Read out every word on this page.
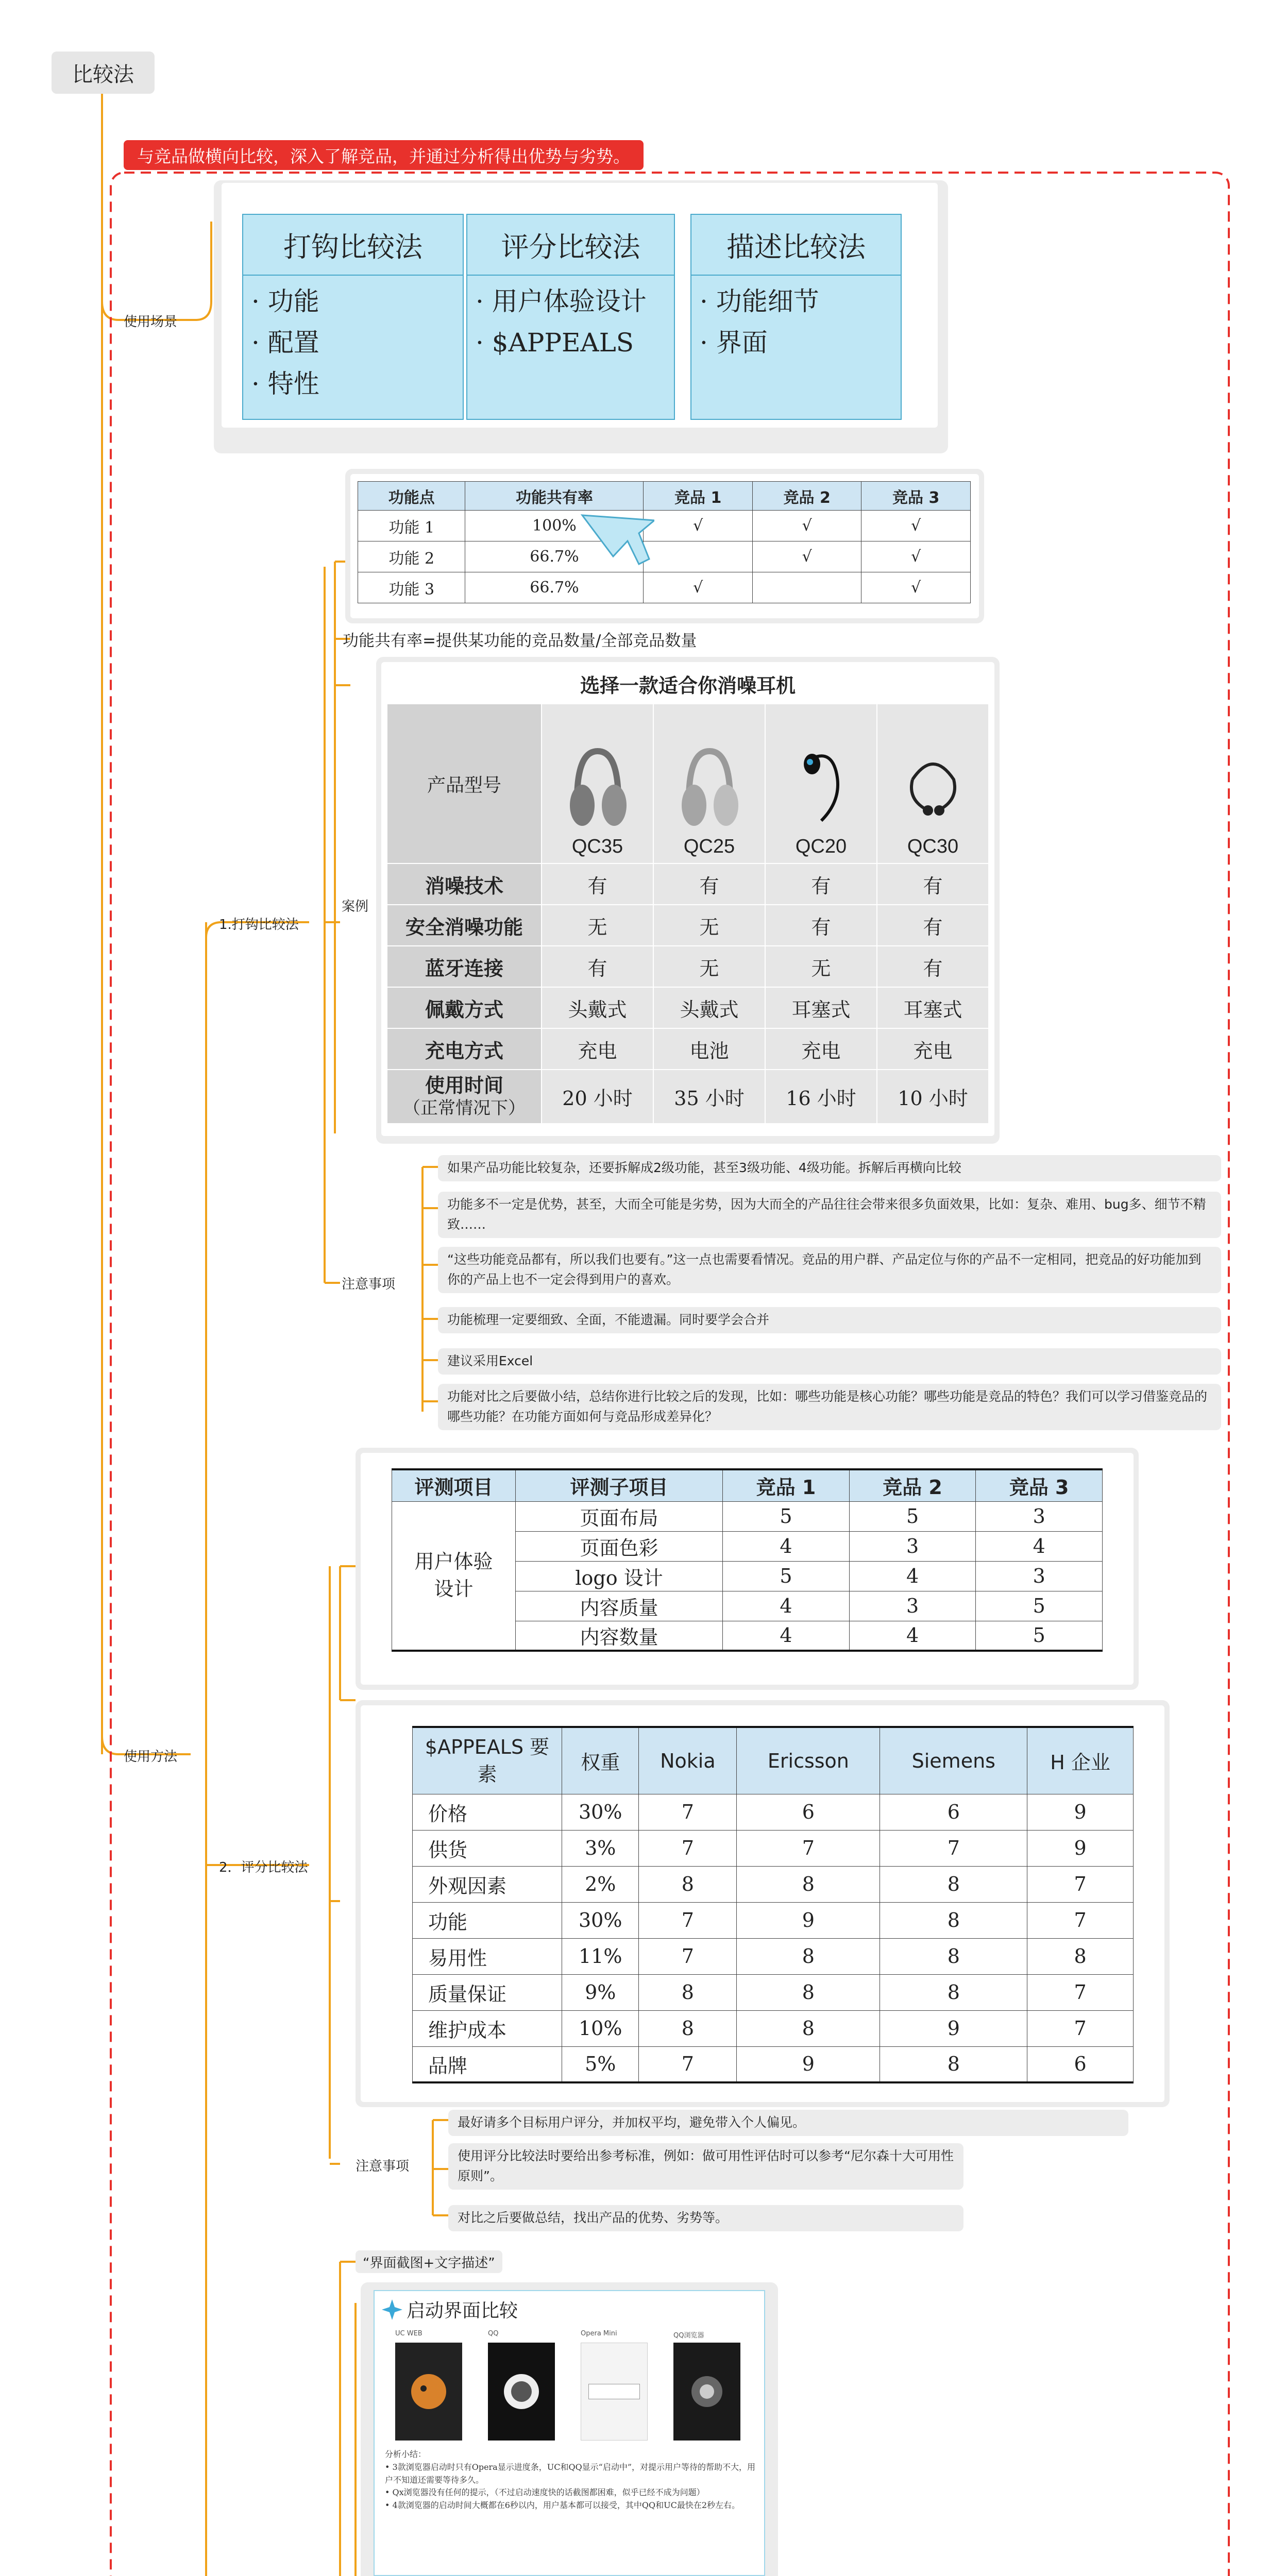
比较法
与竞品做横向比较，深入了解竞品，并通过分析得出优势与劣势。
使用场景
打钩比较法
· 功能
· 配置
· 特性
评分比较法
· 用户体验设计
· $APPEALS
描述比较法
· 功能细节
· 界面
使用方法
1.打钩比较法
案例
功能点	功能共有率	竞品 1	竞品 2	竞品 3
功能 1	100%	√	√	√
功能 2	66.7%		√	√
功能 3	66.7%	√		√
功能共有率=提供某功能的竞品数量/全部竞品数量
选择一款适合你消噪耳机
产品型号	QC35	QC25	QC20	QC30

消噪技术	有	有	有	有
安全消噪功能	无	无	有	有
蓝牙连接	有	无	无	有
佩戴方式	头戴式	头戴式	耳塞式	耳塞式
充电方式	充电	电池	充电	充电

使用时间
（正常情况下）	20 小时	35 小时	16 小时	10 小时
注意事项
如果产品功能比较复杂，还要拆解成2级功能，甚至3级功能、4级功能。拆解后再横向比较
功能多不一定是优势，甚至，大而全可能是劣势，因为大而全的产品往往会带来很多负面效果，比如：复杂、难用、bug多、细节不精致……
“这些功能竞品都有，所以我们也要有。”这一点也需要看情况。竞品的用户群、产品定位与你的产品不一定相同，把竞品的好功能加到你的产品上也不一定会得到用户的喜欢。
功能梳理一定要细致、全面，不能遗漏。同时要学会合并
建议采用Excel
功能对比之后要做小结，总结你进行比较之后的发现，比如：哪些功能是核心功能？哪些功能是竞品的特色？我们可以学习借鉴竞品的哪些功能？在功能方面如何与竞品形成差异化？
2．评分比较法
评测项目	评测子项目	竞品 1	竞品 2	竞品 3
用户体验设计	页面布局	5	5	3
	页面色彩	4	3	4
	logo 设计	5	4	3
	内容质量	4	3	5
	内容数量	4	4	5
$APPEALS 要素	权重	Nokia	Ericsson	Siemens	H 企业
价格	30%	7	6	6	9
供货	3%	7	7	7	9
外观因素	2%	8	8	8	7
功能	30%	7	9	8	7
易用性	11%	7	8	8	8
质量保证	9%	8	8	8	7
维护成本	10%	8	8	9	7
品牌	5%	7	9	8	6
注意事项
最好请多个目标用户评分，并加权平均，避免带入个人偏见。
使用评分比较法时要给出参考标准，例如：做可用性评估时可以参考“尼尔森十大可用性原则”。
对比之后要做总结，找出产品的优势、劣势等。
“界面截图+文字描述”
启动界面比较
UC WEB	QQ	Opera Mini	QQ浏览器
分析小结：
• 3款浏览器启动时只有Opera显示进度条，UC和QQ显示“启动中”，对提示用户等待的帮助不大，用户不知道还需要等待多久。
• Qx浏览器没有任何的提示，（不过启动速度快的话截图都困难，似乎已经不成为问题）
• 4款浏览器的启动时间大概都在6秒以内，用户基本都可以接受，其中QQ和UC最快在2秒左右。
